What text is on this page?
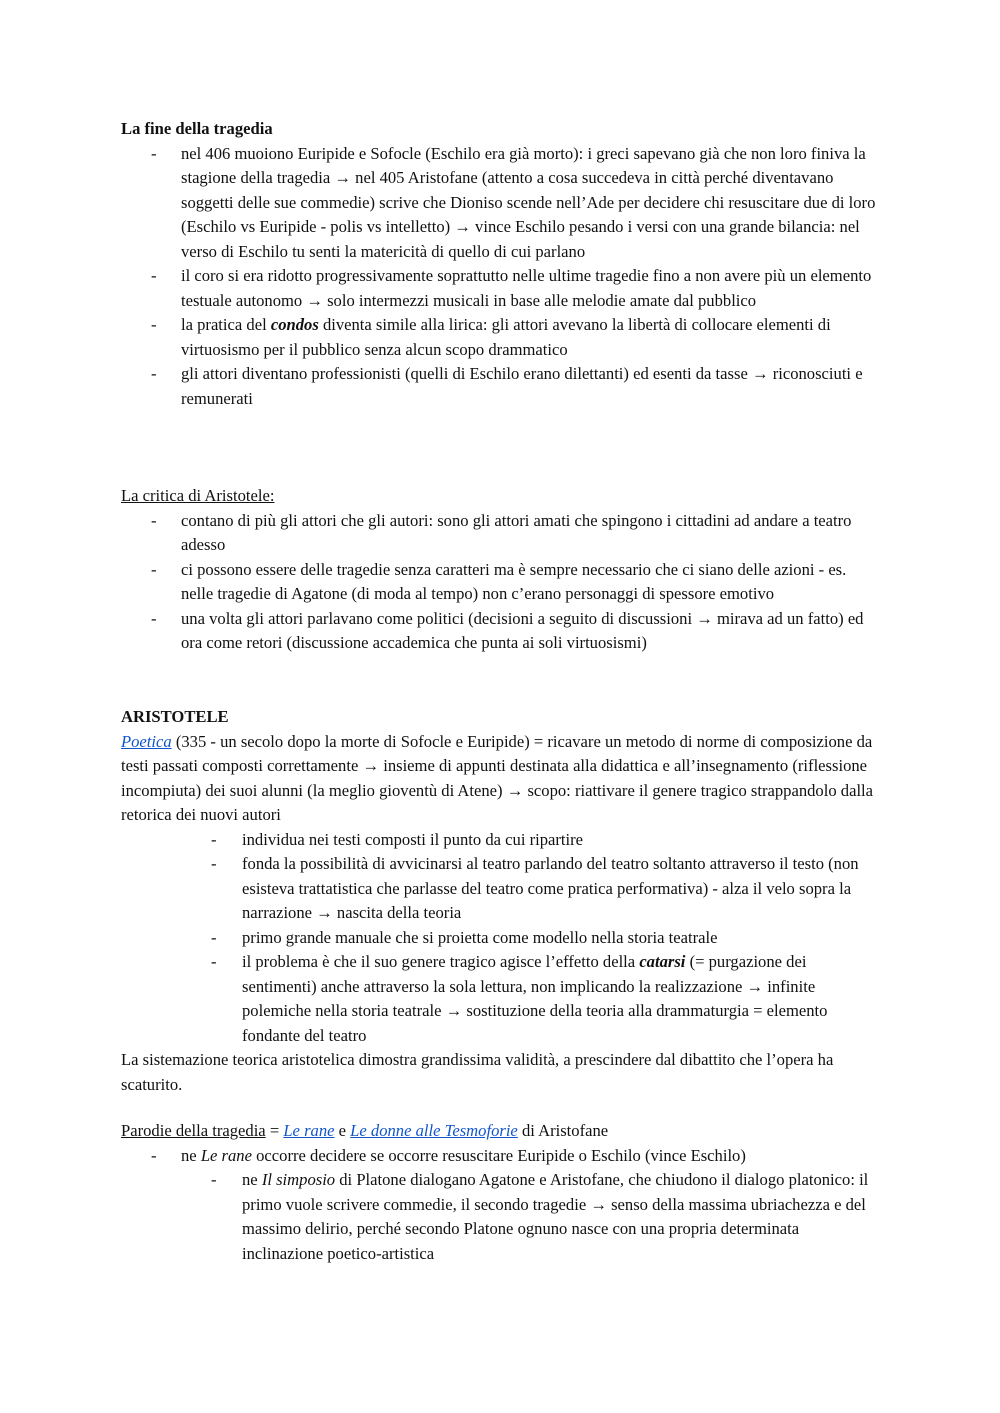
La fine della tragedia

- nel 406 muoiono Euripide e Sofocle (Eschilo era già morto): i greci sapevano già che non loro finiva la stagione della tragedia → nel 405 Aristofane (attento a cosa succedeva in città perché diventavano soggetti delle sue commedie) scrive che Dioniso scende nell’Ade per decidere chi resuscitare due di loro (Eschilo vs Euripide - polis vs intelletto) → vince Eschilo pesando i versi con una grande bilancia: nel verso di Eschilo tu senti la matericità di quello di cui parlano
- il coro si era ridotto progressivamente soprattutto nelle ultime tragedie fino a non avere più un elemento testuale autonomo → solo intermezzi musicali in base alle melodie amate dal pubblico
- la pratica del condos diventa simile alla lirica: gli attori avevano la libertà di collocare elementi di virtuosismo per il pubblico senza alcun scopo drammatico
- gli attori diventano professionisti (quelli di Eschilo erano dilettanti) ed esenti da tasse → riconosciuti e remunerati

La critica di Aristotele:

- contano di più gli attori che gli autori: sono gli attori amati che spingono i cittadini ad andare a teatro adesso
- ci possono essere delle tragedie senza caratteri ma è sempre necessario che ci siano delle azioni - es. nelle tragedie di Agatone (di moda al tempo) non c’erano personaggi di spessore emotivo
- una volta gli attori parlavano come politici (decisioni a seguito di discussioni → mirava ad un fatto) ed ora come retori (discussione accademica che punta ai soli virtuosismi)

ARISTOTELE

Poetica (335 - un secolo dopo la morte di Sofocle e Euripide) = ricavare un metodo di norme di composizione da testi passati composti correttamente → insieme di appunti destinata alla didattica e all’insegnamento (riflessione incompiuta) dei suoi alunni (la meglio gioventù di Atene) → scopo: riattivare il genere tragico strappandolo dalla retorica dei nuovi autori

- individua nei testi composti il punto da cui ripartire
- fonda la possibilità di avvicinarsi al teatro parlando del teatro soltanto attraverso il testo (non esisteva trattatistica che parlasse del teatro come pratica performativa) - alza il velo sopra la narrazione → nascita della teoria
- primo grande manuale che si proietta come modello nella storia teatrale
- il problema è che il suo genere tragico agisce l’effetto della catarsi (= purgazione dei sentimenti) anche attraverso la sola lettura, non implicando la realizzazione → infinite polemiche nella storia teatrale → sostituzione della teoria alla drammaturgia = elemento fondante del teatro

La sistemazione teorica aristotelica dimostra grandissima validità, a prescindere dal dibattito che l’opera ha scaturito.

Parodie della tragedia = Le rane e Le donne alle Tesmoforie di Aristofane

- ne Le rane occorre decidere se occorre resuscitare Euripide o Eschilo (vince Eschilo)
- ne Il simposio di Platone dialogano Agatone e Aristofane, che chiudono il dialogo platonico: il primo vuole scrivere commedie, il secondo tragedie → senso della massima ubriachezza e del massimo delirio, perché secondo Platone ognuno nasce con una propria determinata inclinazione poetico-artistica
